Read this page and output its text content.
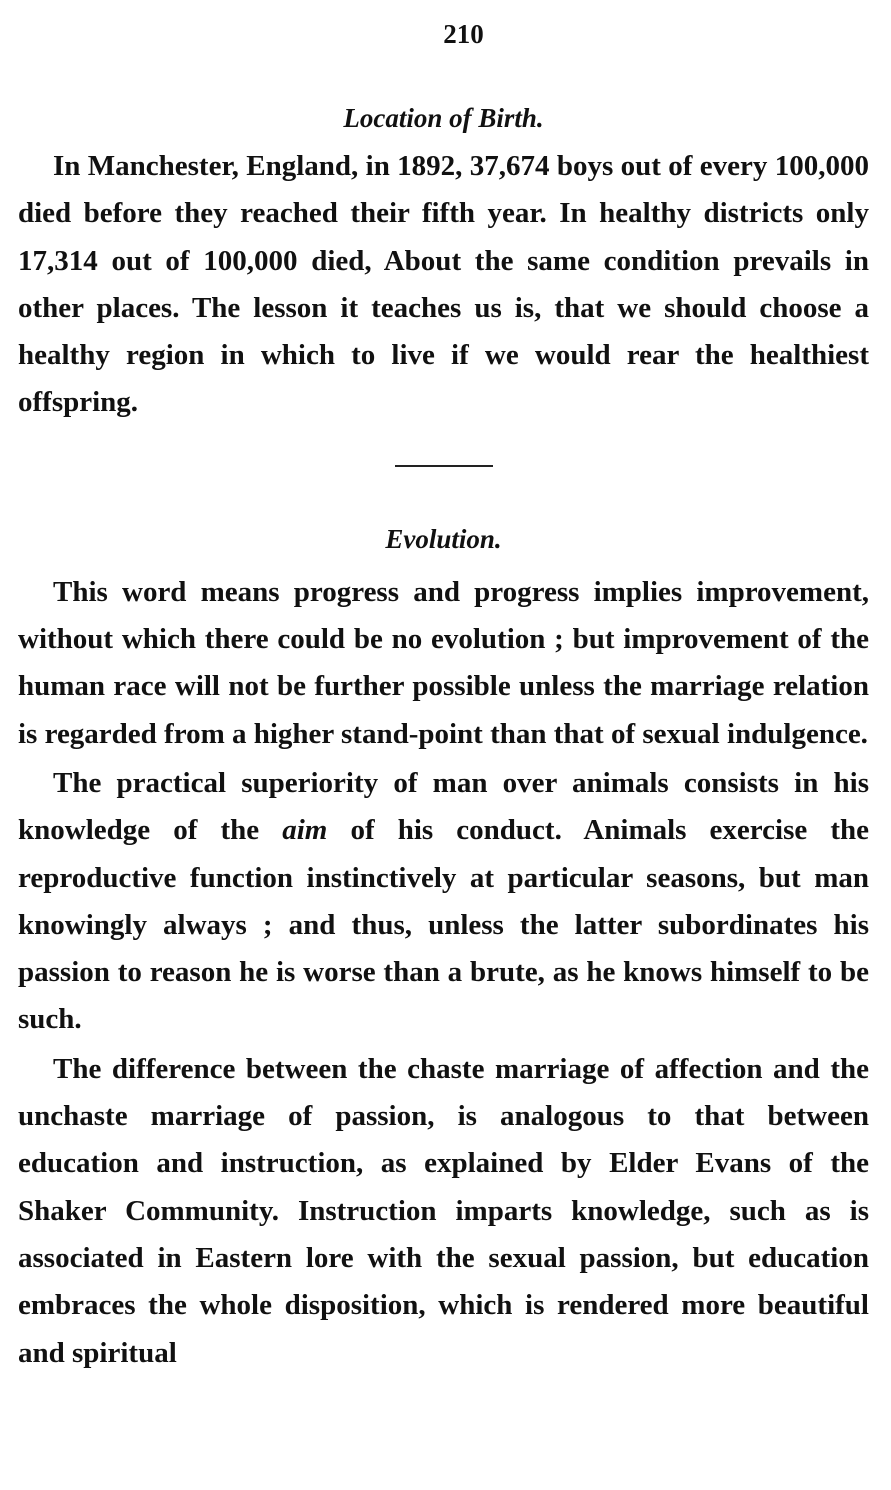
210
Location of Birth.

In Manchester, England, in 1892, 37,674 boys out of every 100,000 died before they reached their fifth year. In healthy districts only 17,314 out of 100,000 died, About the same condition prevails in other places. The lesson it teaches us is, that we should choose a healthy region in which to live if we would rear the healthiest offspring.

Evolution.

This word means progress and progress implies improvement, without which there could be no evolution ; but improvement of the human race will not be further possible unless the marriage relation is regarded from a higher stand-point than that of sexual indulgence.

The practical superiority of man over animals consists in his knowledge of the aim of his conduct. Animals exercise the reproductive function instinctively at particular seasons, but man knowingly always ; and thus, unless the latter subordinates his passion to reason he is worse than a brute, as he knows himself to be such.

The difference between the chaste marriage of affection and the unchaste marriage of passion, is analogous to that between education and instruction, as explained by Elder Evans of the Shaker Community. Instruction imparts knowledge, such as is associated in Eastern lore with the sexual passion, but education embraces the whole disposition, which is rendered more beautiful and spiritual
